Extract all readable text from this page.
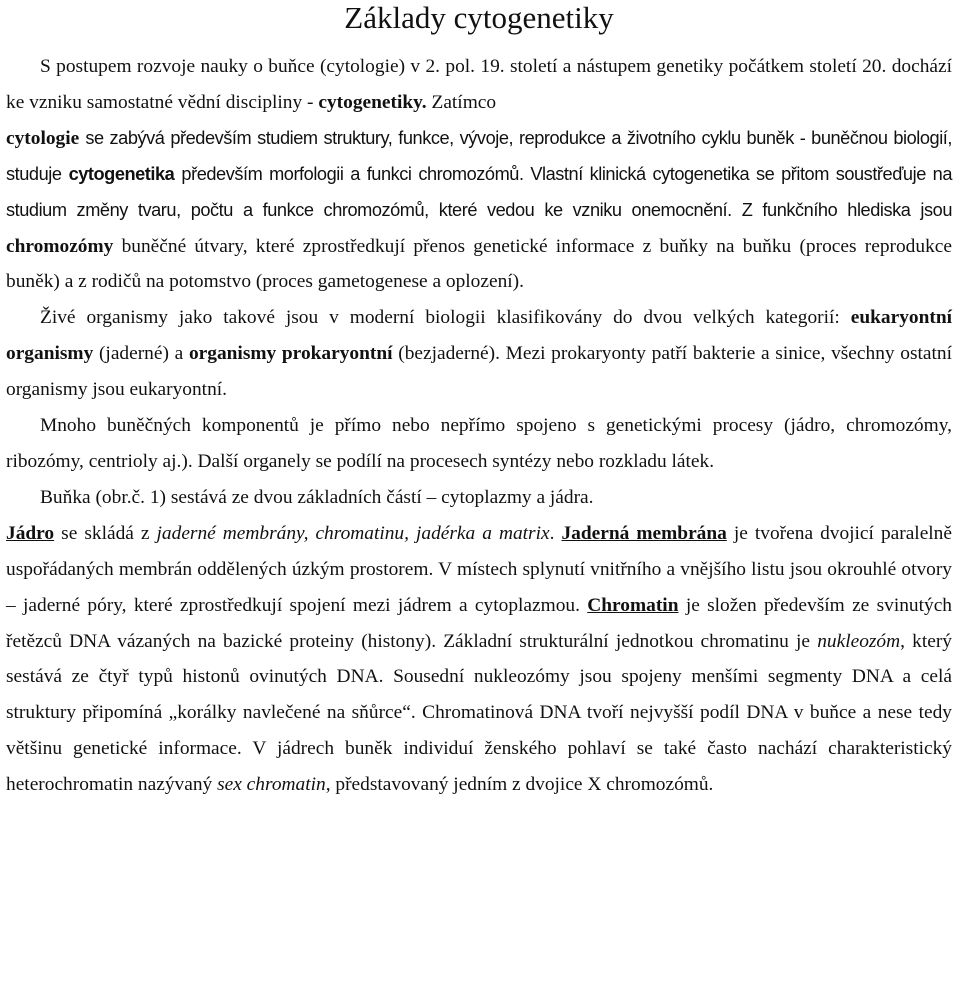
Základy cytogenetiky

S postupem rozvoje nauky o buňce (cytologie) v 2. pol. 19. století a nástupem genetiky počátkem století 20. dochází ke vzniku samostatné vědní discipliny - cytogenetiky. Zatímco
cytologie se zabývá především studiem struktury, funkce, vývoje, reprodukce a životního cyklu buněk - buněčnou biologií, studuje cytogenetika především morfologii a funkci chromozómů. Vlastní klinická cytogenetika se přitom soustřeďuje na studium změny tvaru, počtu a funkce chromozómů, které vedou ke vzniku onemocnění. Z funkčního hlediska jsou chromozómy buněčné útvary, které zprostředkují přenos genetické informace z buňky na buňku (proces reprodukce buněk) a z rodičů na potomstvo (proces gametogenese a oplození).

Živé organismy jako takové jsou v moderní biologii klasifikovány do dvou velkých kategorií: eukaryontní organismy (jaderné) a organismy prokaryontní (bezjaderné). Mezi prokaryonty patří bakterie a sinice, všechny ostatní organismy jsou eukaryontní.

Mnoho buněčných komponentů je přímo nebo nepřímo spojeno s genetickými procesy (jádro, chromozómy, ribozómy, centrioly aj.). Další organely se podílí na procesech syntézy nebo rozkladu látek.

Buňka (obr.č. 1) sestává ze dvou základních částí – cytoplazmy a jádra.

Jádro se skládá z jaderné membrány, chromatinu, jadérka a matrix. Jaderná membrána je tvořena dvojicí paralelně uspořádaných membrán oddělených úzkým prostorem. V místech splynutí vnitřního a vnějšího listu jsou okrouhlé otvory – jaderné póry, které zprostředkují spojení mezi jádrem a cytoplazmou. Chromatin je složen především ze svinutých řetězců DNA vázaných na bazické proteiny (histony). Základní strukturální jednotkou chromatinu je nukleozóm, který sestává ze čtyř typů histonů ovinutých DNA. Sousední nukleozómy jsou spojeny menšími segmenty DNA a celá struktury připomíná „korálky navlečené na sňůrce“. Chromatinová DNA tvoří nejvyšší podíl DNA v buňce a nese tedy většinu genetické informace. V jádrech buněk individuí ženského pohlaví se také často nachází charakteristický heterochromatin nazývaný sex chromatin, představovaný jedním z dvojice X chromozómů.
